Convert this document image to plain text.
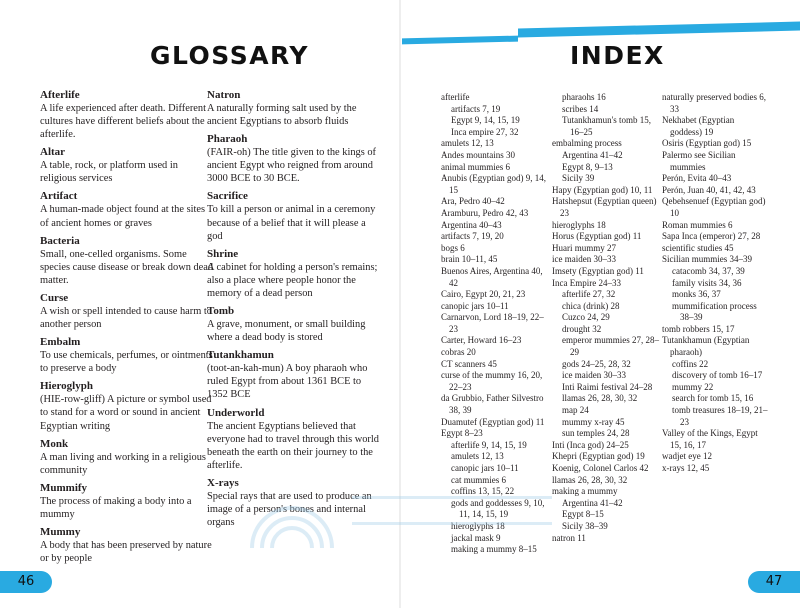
GLOSSARY
Afterlife
A life experienced after death. Different cultures have different beliefs about the afterlife.
Altar
A table, rock, or platform used in religious services
Artifact
A human-made object found at the sites of ancient homes or graves
Bacteria
Small, one-celled organisms. Some species cause disease or break down dead matter.
Curse
A wish or spell intended to cause harm to another person
Embalm
To use chemicals, perfumes, or ointments to preserve a body
Hieroglyph
(HIE-row-gliff) A picture or symbol used to stand for a word or sound in ancient Egyptian writing
Monk
A man living and working in a religious community
Mummify
The process of making a body into a mummy
Mummy
A body that has been preserved by nature or by people
Natron
A naturally forming salt used by the ancient Egyptians to absorb fluids
Pharaoh
(FAIR-oh) The title given to the kings of ancient Egypt who reigned from around 3000 BCE to 30 BCE.
Sacrifice
To kill a person or animal in a ceremony because of a belief that it will please a god
Shrine
A cabinet for holding a person's remains; also a place where people honor the memory of a dead person
Tomb
A grave, monument, or small building where a dead body is stored
Tutankhamun
(toot-an-kah-mun) A boy pharaoh who ruled Egypt from about 1361 BCE to 1352 BCE
Underworld
The ancient Egyptians believed that everyone had to travel through this world beneath the earth on their journey to the afterlife.
X-rays
Special rays that are used to produce an image of a person's bones and internal organs
46
INDEX
afterlife
artifacts 7, 19
Egypt 9, 14, 15, 19
Inca empire 27, 32
amulets 12, 13
Andes mountains 30
animal mummies 6
Anubis (Egyptian god) 9, 14, 15
Ara, Pedro 40–42
Aramburu, Pedro 42, 43
Argentina 40–43
artifacts 7, 19, 20
bogs 6
brain 10–11, 45
Buenos Aires, Argentina 40, 42
Cairo, Egypt 20, 21, 23
canopic jars 10–11
Carnarvon, Lord 18–19, 22–23
Carter, Howard 16–23
cobras 20
CT scanners 45
curse of the mummy 16, 20, 22–23
da Grubbio, Father Silvestro 38, 39
Duamutef (Egyptian god) 11
Egypt 8–23
afterlife 9, 14, 15, 19
amulets 12, 13
canopic jars 10–11
cat mummies 6
coffins 13, 15, 22
gods and goddesses 9, 10, 11, 14, 15, 19
hieroglyphs 18
jackal mask 9
making a mummy 8–15
pharaohs 16
scribes 14
Tutankhamun's tomb 15, 16–25
embalming process
Argentina 41–42
Egypt 8, 9–13
Sicily 39
Hapy (Egyptian god) 10, 11
Hatshepsut (Egyptian queen) 23
hieroglyphs 18
Horus (Egyptian god) 11
Huari mummy 27
ice maiden 30–33
Imsety (Egyptian god) 11
Inca Empire 24–33
afterlife 27, 32
chica (drink) 28
Cuzco 24, 29
drought 32
emperor mummies 27, 28–29
gods 24–25, 28, 32
ice maiden 30–33
Inti Raimi festival 24–28
llamas 26, 28, 30, 32
map 24
mummy x-ray 45
sun temples 24, 28
Inti (Inca god) 24–25
Khepri (Egyptian god) 19
Koenig, Colonel Carlos 42
llamas 26, 28, 30, 32
making a mummy
Argentina 41–42
Egypt 8–15
Sicily 38–39
natron 11
naturally preserved bodies 6, 33
Nekhabet (Egyptian goddess) 19
Osiris (Egyptian god) 15
Palermo see Sicilian mummies
Perón, Evita 40–43
Perón, Juan 40, 41, 42, 43
Qebehsenuef (Egyptian god) 10
Roman mummies 6
Sapa Inca (emperor) 27, 28
scientific studies 45
Sicilian mummies 34–39
catacomb 34, 37, 39
family visits 34, 36
monks 36, 37
mummification process 38–39
tomb robbers 15, 17
Tutankhamun (Egyptian pharaoh)
coffins 22
discovery of tomb 16–17
mummy 22
search for tomb 15, 16
tomb treasures 18–19, 21–23
Valley of the Kings, Egypt 15, 16, 17
wadjet eye 12
x-rays 12, 45
47
